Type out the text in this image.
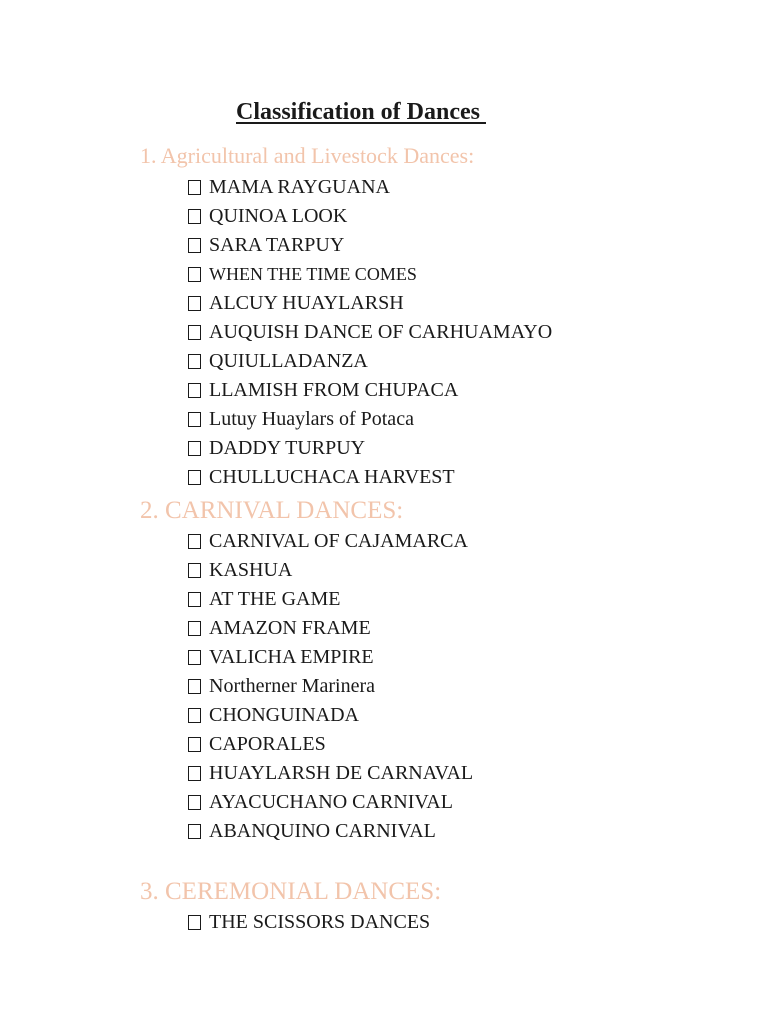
Classification of Dances
1. Agricultural and Livestock Dances:
MAMA RAYGUANA
QUINOA LOOK
SARA TARPUY
WHEN THE TIME COMES
ALCUY HUAYLARSH
AUQUISH DANCE OF CARHUAMAYO
QUIULLADANZA
LLAMISH FROM CHUPACA
Lutuy Huaylars of Potaca
DADDY TURPUY
CHULLUCHACA HARVEST
2. CARNIVAL DANCES:
CARNIVAL OF CAJAMARCA
KASHUA
AT THE GAME
AMAZON FRAME
VALICHA EMPIRE
Northerner Marinera
CHONGUINADA
CAPORALES
HUAYLARSH DE CARNAVAL
AYACUCHANO CARNIVAL
ABANQUINO CARNIVAL
3. CEREMONIAL DANCES:
THE SCISSORS DANCES
